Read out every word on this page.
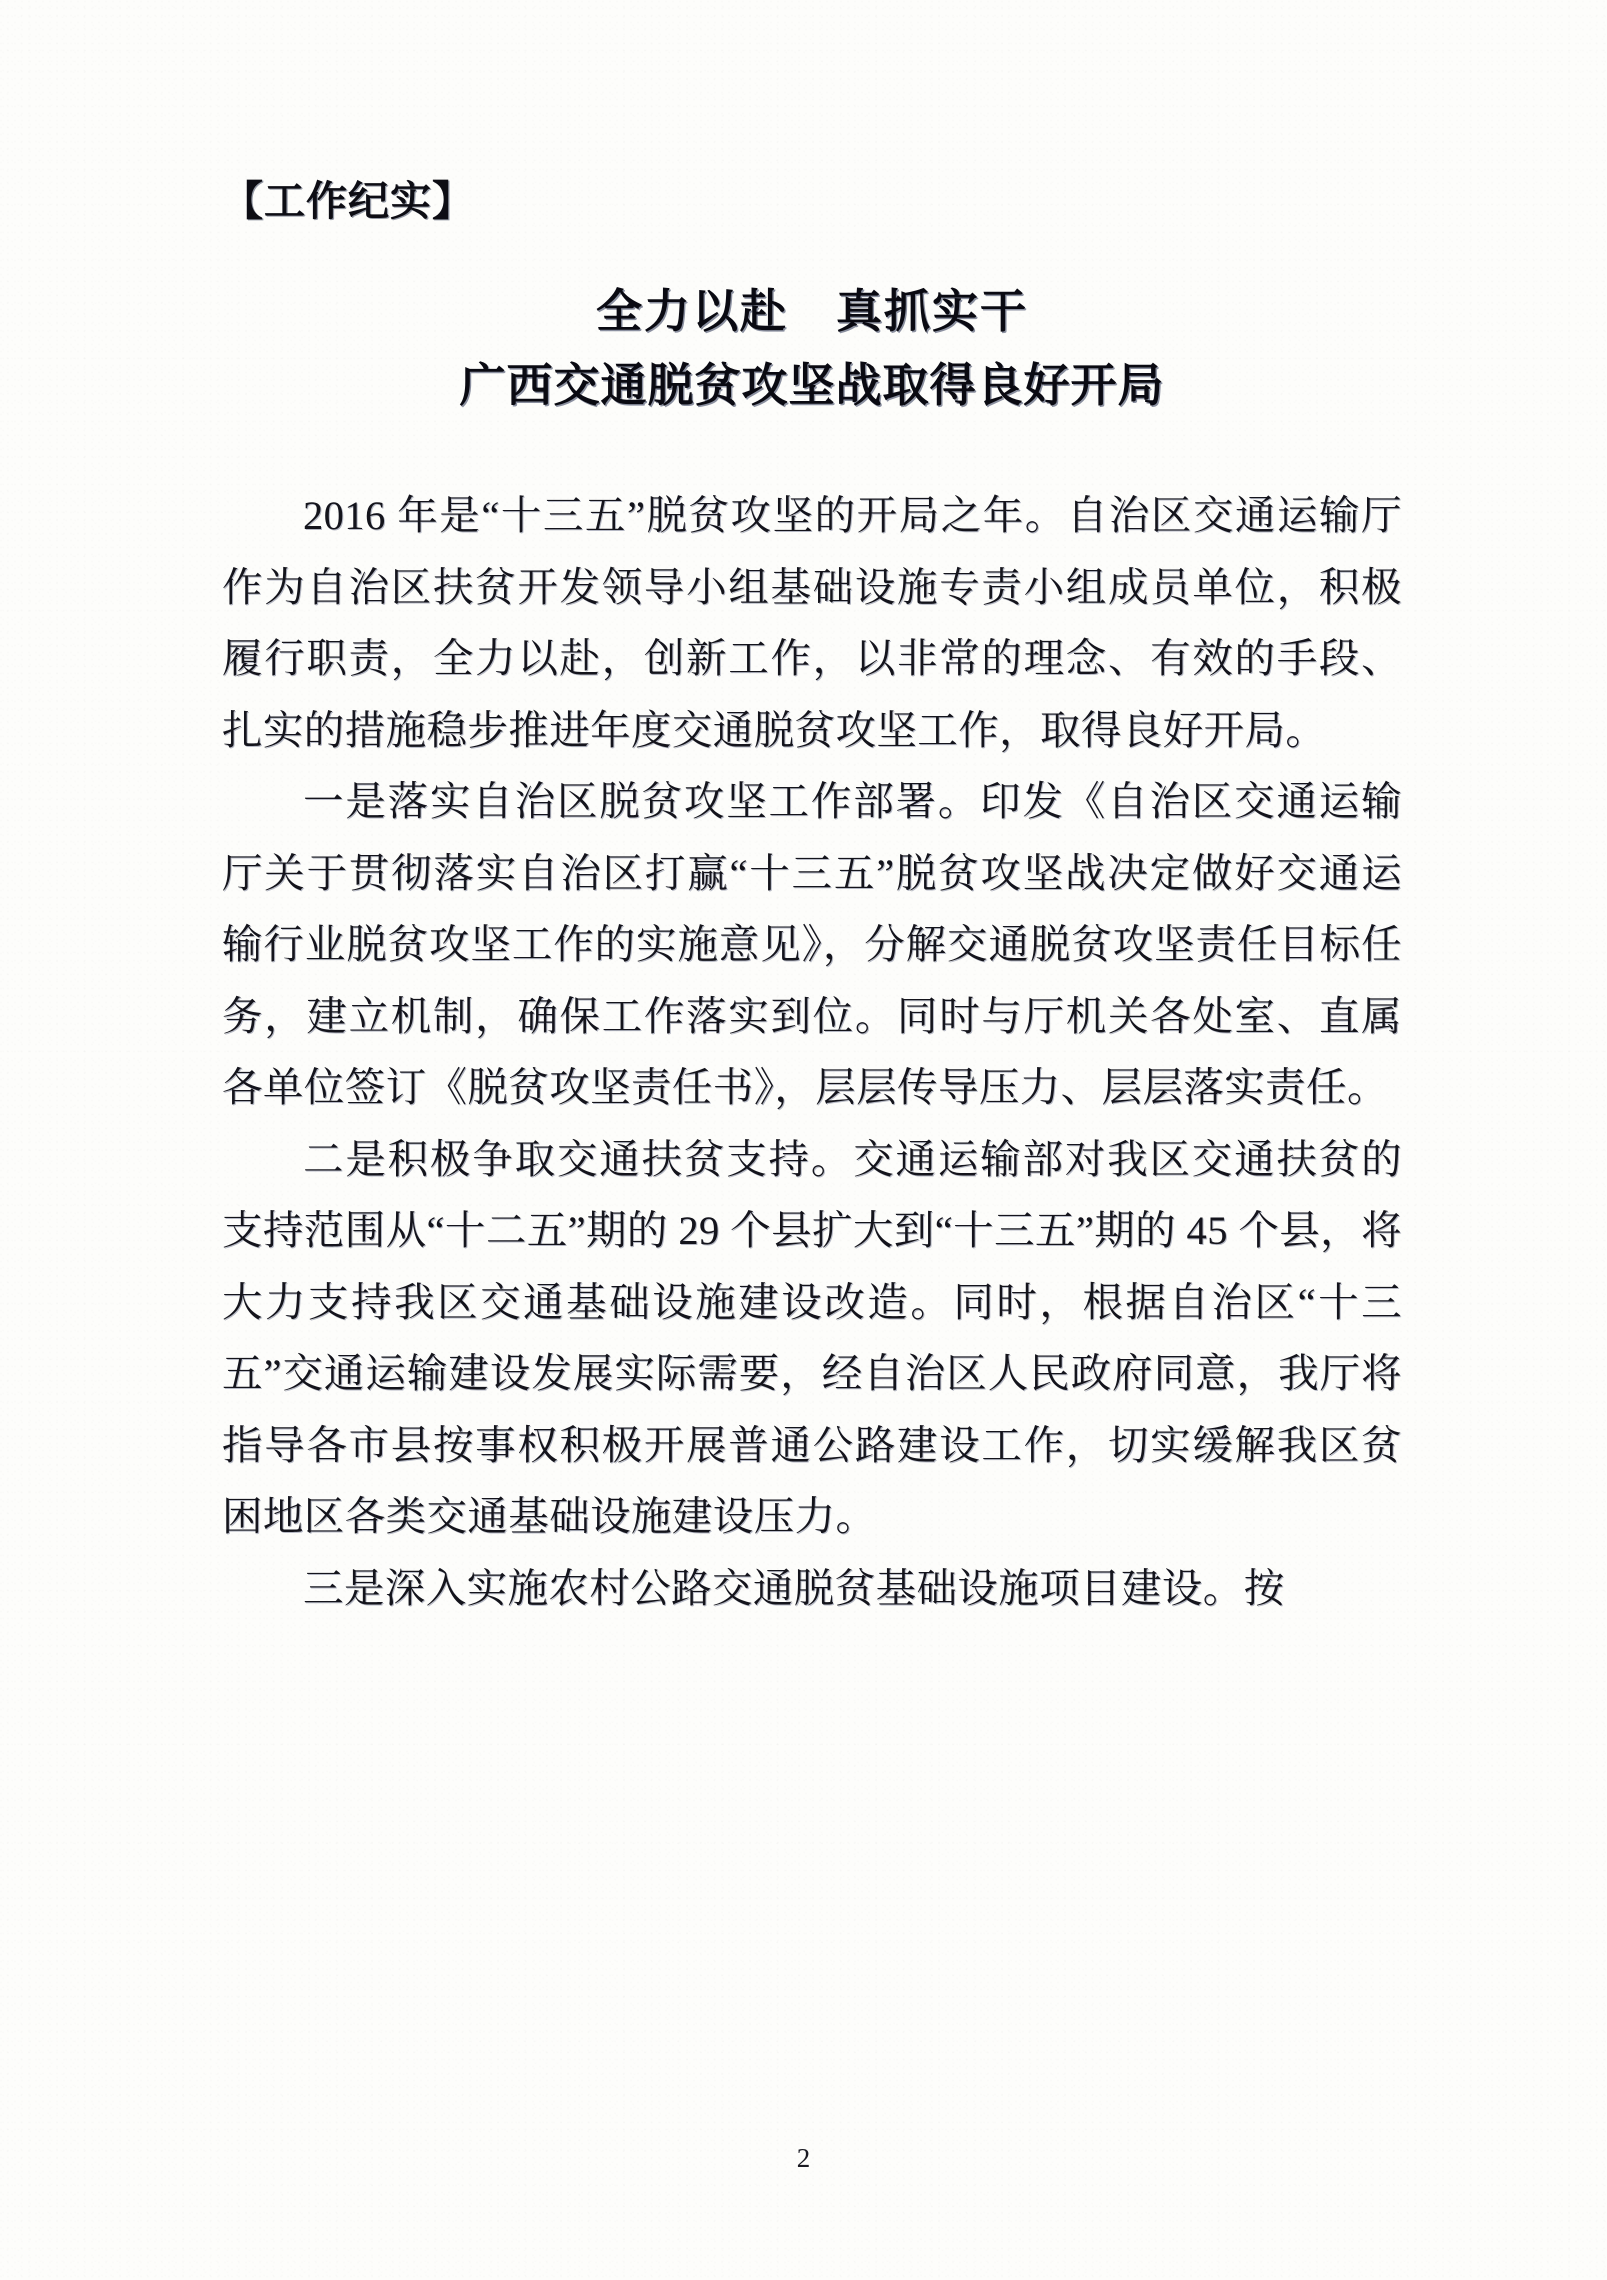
【工作纪实】
全力以赴 真抓实干
广西交通脱贫攻坚战取得良好开局

2016 年是“十三五”脱贫攻坚的开局之年。自治区交通运输厅作为自治区扶贫开发领导小组基础设施专责小组成员单位，积极履行职责，全力以赴，创新工作，以非常的理念、有效的手段、扎实的措施稳步推进年度交通脱贫攻坚工作，取得良好开局。

一是落实自治区脱贫攻坚工作部署。印发《自治区交通运输厅关于贯彻落实自治区打赢“十三五”脱贫攻坚战决定做好交通运输行业脱贫攻坚工作的实施意见》，分解交通脱贫攻坚责任目标任务，建立机制，确保工作落实到位。同时与厅机关各处室、直属各单位签订《脱贫攻坚责任书》，层层传导压力、层层落实责任。

二是积极争取交通扶贫支持。交通运输部对我区交通扶贫的支持范围从“十二五”期的 29 个县扩大到“十三五”期的 45 个县，将大力支持我区交通基础设施建设改造。同时，根据自治区“十三五”交通运输建设发展实际需要，经自治区人民政府同意，我厅将指导各市县按事权积极开展普通公路建设工作，切实缓解我区贫困地区各类交通基础设施建设压力。

三是深入实施农村公路交通脱贫基础设施项目建设。按

2
